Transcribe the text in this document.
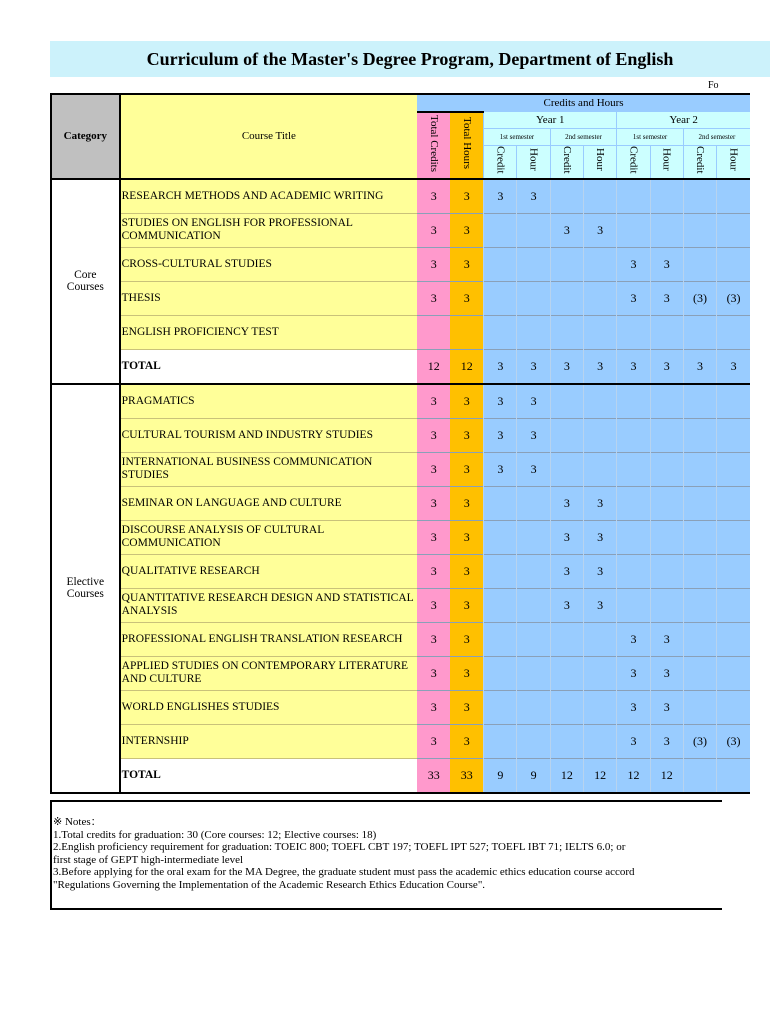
Curriculum of the Master's Degree Program, Department of English
Fo
Category	Course Title	Credits and Hours									
		Total Credits	Total Hours	Year 1				Year 2			
				1st semester		2nd semester		1st semester		2nd semester	
				Credit	Hour	Credit	Hour	Credit	Hour	Credit	Hour
Core
Courses	RESEARCH METHODS AND ACADEMIC WRITING	3	3	3	3						
	STUDIES ON ENGLISH FOR PROFESSIONAL COMMUNICATION	3	3			3	3				
	CROSS-CULTURAL STUDIES	3	3					3	3		
	THESIS	3	3					3	3	(3)	(3)
	ENGLISH PROFICIENCY TEST										
	TOTAL	12	12	3	3	3	3	3	3	3	3
Elective
Courses	PRAGMATICS	3	3	3	3						
	CULTURAL TOURISM AND INDUSTRY STUDIES	3	3	3	3						
	INTERNATIONAL BUSINESS COMMUNICATION STUDIES	3	3	3	3						
	SEMINAR ON LANGUAGE AND CULTURE	3	3			3	3				
	DISCOURSE ANALYSIS OF CULTURAL COMMUNICATION	3	3			3	3				
	QUALITATIVE RESEARCH	3	3			3	3				
	QUANTITATIVE RESEARCH DESIGN AND STATISTICAL ANALYSIS	3	3			3	3				
	PROFESSIONAL ENGLISH TRANSLATION RESEARCH	3	3					3	3		
	APPLIED STUDIES ON CONTEMPORARY LITERATURE AND CULTURE	3	3					3	3		
	WORLD ENGLISHES STUDIES	3	3					3	3		
	INTERNSHIP	3	3					3	3	(3)	(3)
	TOTAL	33	33	9	9	12	12	12	12		
※ Notes：
1.Total credits for graduation: 30 (Core courses: 12; Elective courses: 18)
2.English proficiency requirement for graduation: TOEIC 800; TOEFL CBT 197; TOEFL IPT 527; TOEFL IBT 71; IELTS 6.0; or
first stage of GEPT high-intermediate level
3.Before applying for the oral exam for the MA Degree, the graduate student must pass the academic ethics education course accord
"Regulations Governing the Implementation of the Academic Research Ethics Education Course".
